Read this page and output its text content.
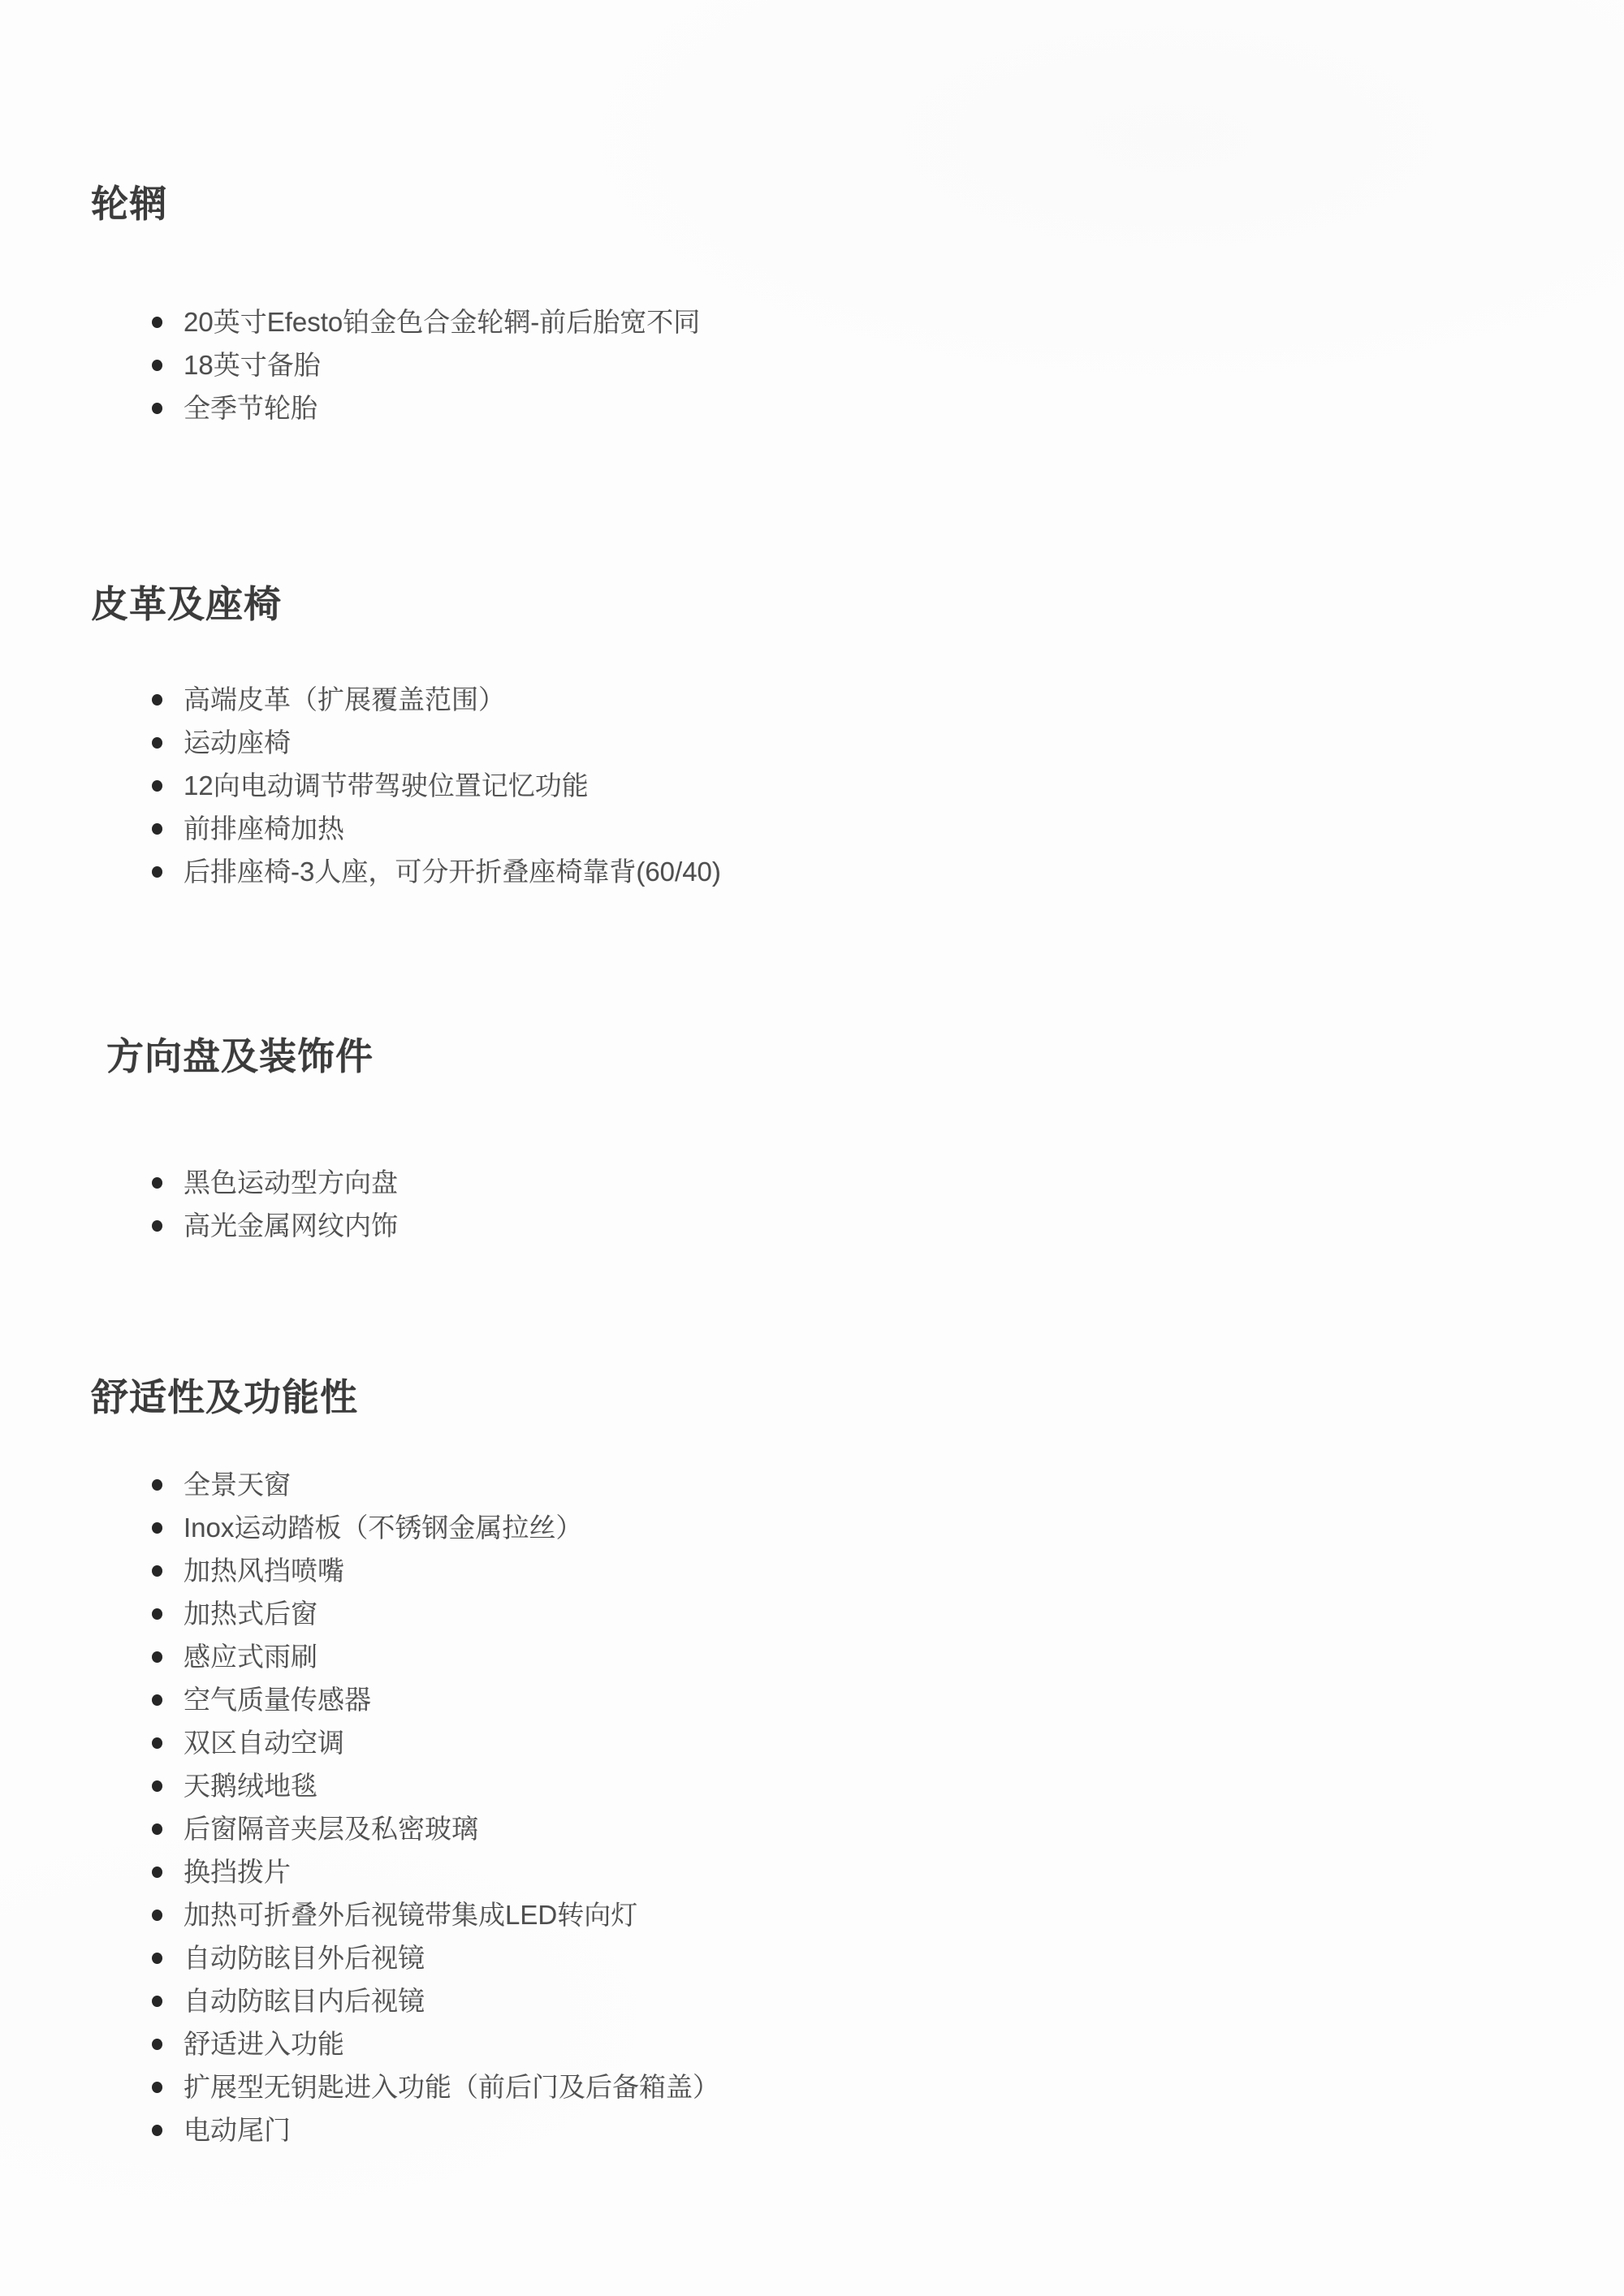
轮辋
20英寸Efesto铂金色合金轮辋-前后胎宽不同
18英寸备胎
全季节轮胎
皮革及座椅
高端皮革（扩展覆盖范围）
运动座椅
12向电动调节带驾驶位置记忆功能
前排座椅加热
后排座椅-3人座，可分开折叠座椅靠背(60/40)
方向盘及装饰件
黑色运动型方向盘
高光金属网纹内饰
舒适性及功能性
全景天窗
Inox运动踏板（不锈钢金属拉丝）
加热风挡喷嘴
加热式后窗
感应式雨刷
空气质量传感器
双区自动空调
天鹅绒地毯
后窗隔音夹层及私密玻璃
换挡拨片
加热可折叠外后视镜带集成LED转向灯
自动防眩目外后视镜
自动防眩目内后视镜
舒适进入功能
扩展型无钥匙进入功能（前后门及后备箱盖）
电动尾门
